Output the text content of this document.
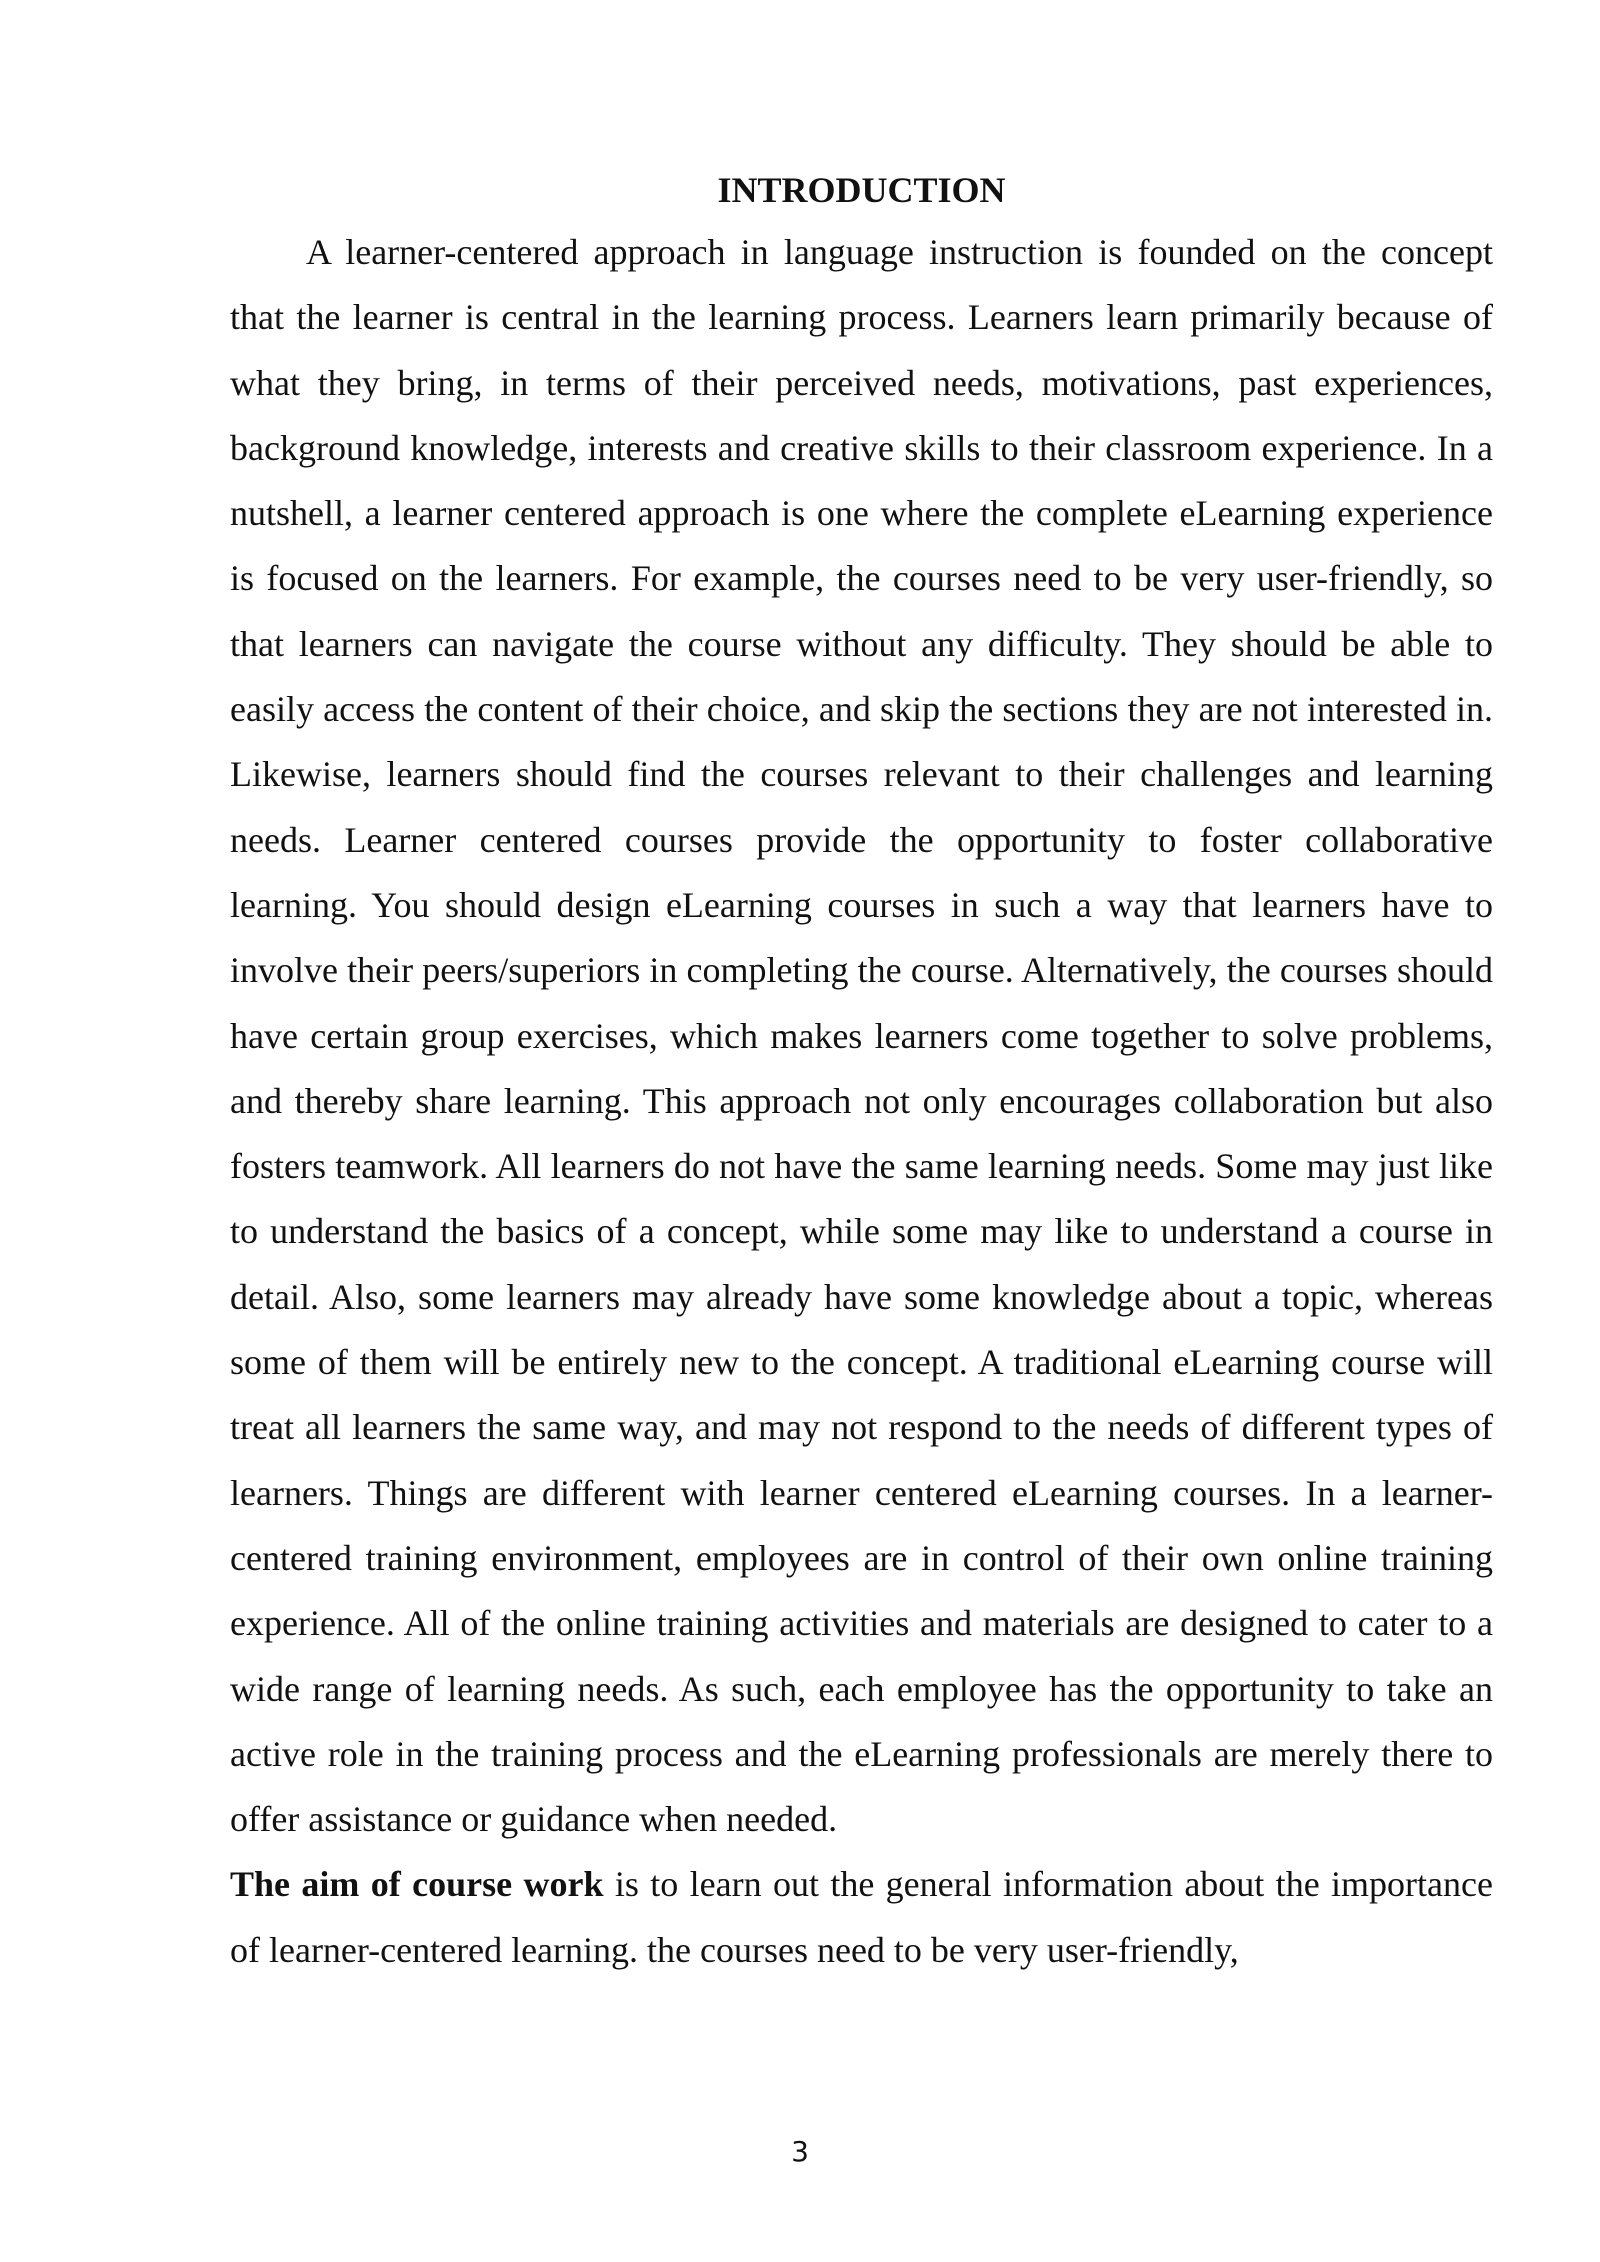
INTRODUCTION

A learner-centered approach in language instruction is founded on the concept that the learner is central in the learning process. Learners learn primarily because of what they bring, in terms of their perceived needs, motivations, past experiences, background knowledge, interests and creative skills to their classroom experience. In a nutshell, a learner centered approach is one where the complete eLearning experience is focused on the learners. For example, the courses need to be very user-friendly, so that learners can navigate the course without any difficulty. They should be able to easily access the content of their choice, and skip the sections they are not interested in. Likewise, learners should find the courses relevant to their challenges and learning needs. Learner centered courses provide the opportunity to foster collaborative learning. You should design eLearning courses in such a way that learners have to involve their peers/superiors in completing the course. Alternatively, the courses should have certain group exercises, which makes learners come together to solve problems, and thereby share learning. This approach not only encourages collaboration but also fosters teamwork. All learners do not have the same learning needs. Some may just like to understand the basics of a concept, while some may like to understand a course in detail. Also, some learners may already have some knowledge about a topic, whereas some of them will be entirely new to the concept. A traditional eLearning course will treat all learners the same way, and may not respond to the needs of different types of learners. Things are different with learner centered eLearning courses. In a learner-centered training environment, employees are in control of their own online training experience. All of the online training activities and materials are designed to cater to a wide range of learning needs. As such, each employee has the opportunity to take an active role in the training process and the eLearning professionals are merely there to offer assistance or guidance when needed.

The aim of course work is to learn out the general information about the importance of learner-centered learning. the courses need to be very user-friendly,

3
